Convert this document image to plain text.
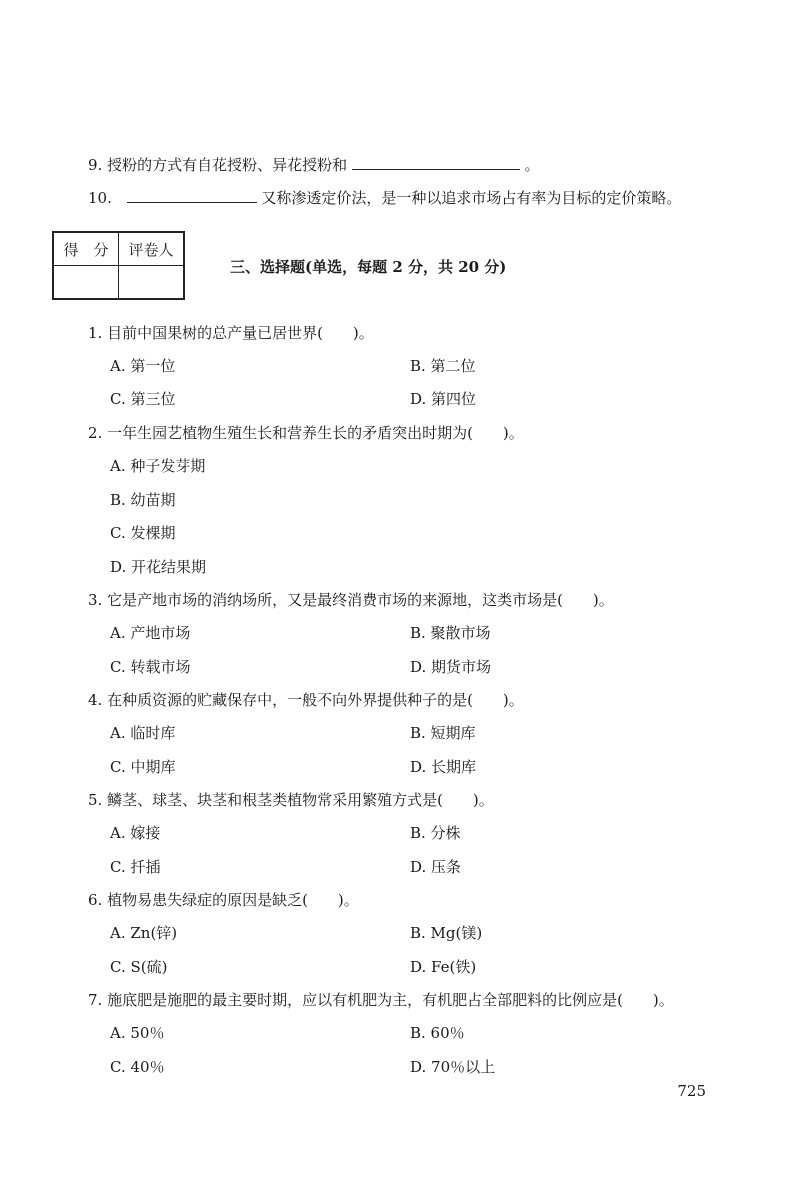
9. 授粉的方式有自花授粉、异花授粉和	。
10.	又称渗透定价法，是一种以追求市场占有率为目标的定价策略。
得　分	评卷人

三、选择题(单选，每题 2 分，共 20 分)
1. 目前中国果树的总产量已居世界(　　)。
A. 第一位	B. 第二位
C. 第三位	D. 第四位
2. 一年生园艺植物生殖生长和营养生长的矛盾突出时期为(　　)。
A. 种子发芽期
B. 幼苗期
C. 发棵期
D. 开花结果期
3. 它是产地市场的消纳场所，又是最终消费市场的来源地，这类市场是(　　)。
A. 产地市场	B. 聚散市场
C. 转载市场	D. 期货市场
4. 在种质资源的贮藏保存中，一般不向外界提供种子的是(　　)。
A. 临时库	B. 短期库
C. 中期库	D. 长期库
5. 鳞茎、球茎、块茎和根茎类植物常采用繁殖方式是(　　)。
A. 嫁接	B. 分株
C. 扦插	D. 压条
6. 植物易患失绿症的原因是缺乏(　　)。
A. Zn(锌)	B. Mg(镁)
C. S(硫)	D. Fe(铁)
7. 施底肥是施肥的最主要时期，应以有机肥为主，有机肥占全部肥料的比例应是(　　)。
A. 50％	B. 60％
C. 40％	D. 70％以上
725
